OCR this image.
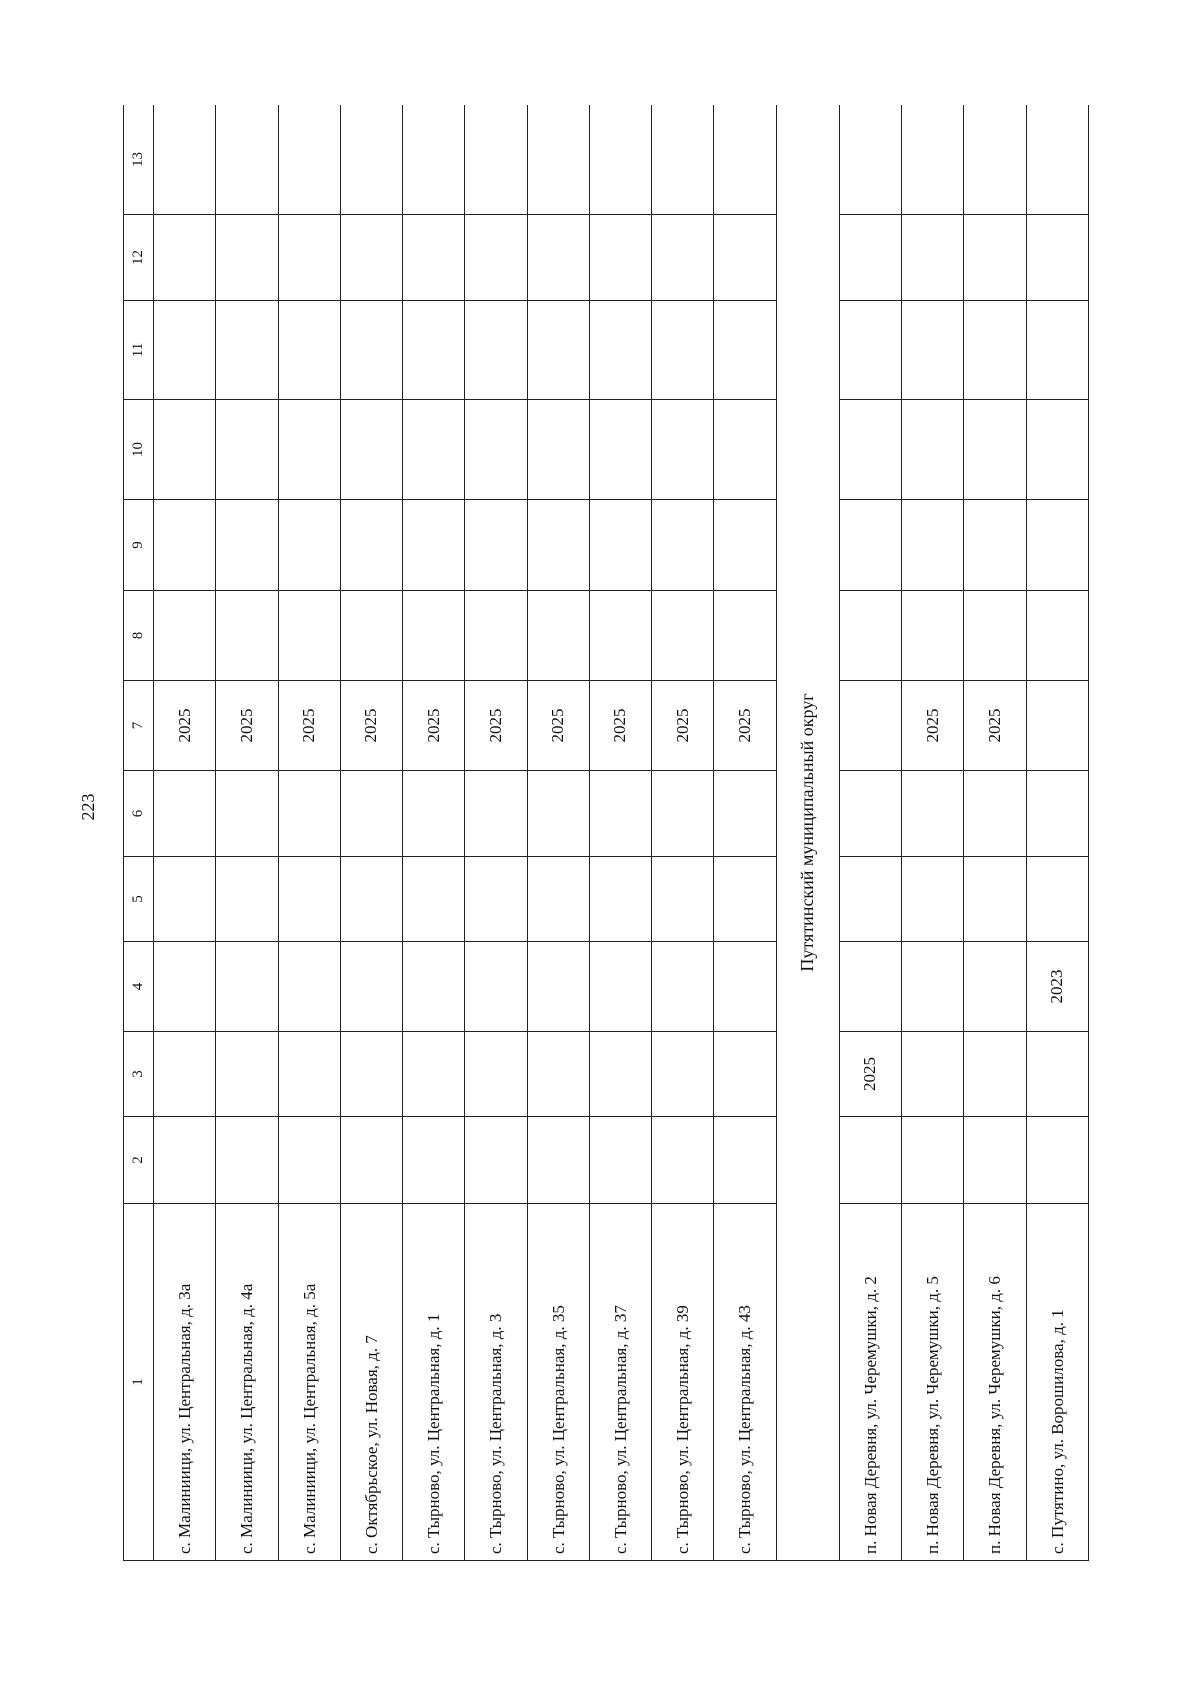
223
1	2	3	4	5	6	7	8	9	10	11	12	13
с. Малиниици, ул. Центральная, д. 3а						2025						
с. Малиниици, ул. Центральная, д. 4а						2025						
с. Малиниици, ул. Центральная, д. 5а						2025						
с. Октябрьское, ул. Новая, д. 7						2025						
с. Тырново, ул. Центральная, д. 1						2025						
с. Тырново, ул. Центральная, д. 3						2025						
с. Тырново, ул. Центральная, д. 35						2025						
с. Тырново, ул. Центральная, д. 37						2025						
с. Тырново, ул. Центральная, д. 39						2025						
с. Тырново, ул. Центральная, д. 43						2025						
Путятинский муниципальный округ												
п. Новая Деревня, ул. Черемушки, д. 2		2025										
п. Новая Деревня, ул. Черемушки, д. 5						2025						
п. Новая Деревня, ул. Черемушки, д. 6						2025						
с. Путятино, ул. Ворошилова, д. 1			2023									
